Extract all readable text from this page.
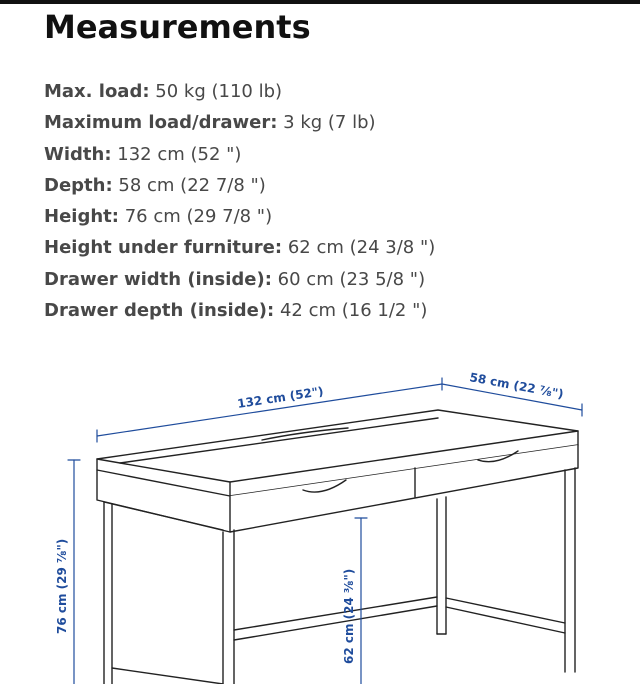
Measurements
Max. load: 50 kg (110 lb)
Maximum load/drawer: 3 kg (7 lb)
Width: 132 cm (52 ")
Depth: 58 cm (22 7/8 ")
Height: 76 cm (29 7/8 ")
Height under furniture: 62 cm (24 3/8 ")
Drawer width (inside): 60 cm (23 5/8 ")
Drawer depth (inside): 42 cm (16 1/2 ")
132 cm (52")	58 cm (22 ⅞")
76 cm (29 ⅞")	62 cm (24 ⅜")
